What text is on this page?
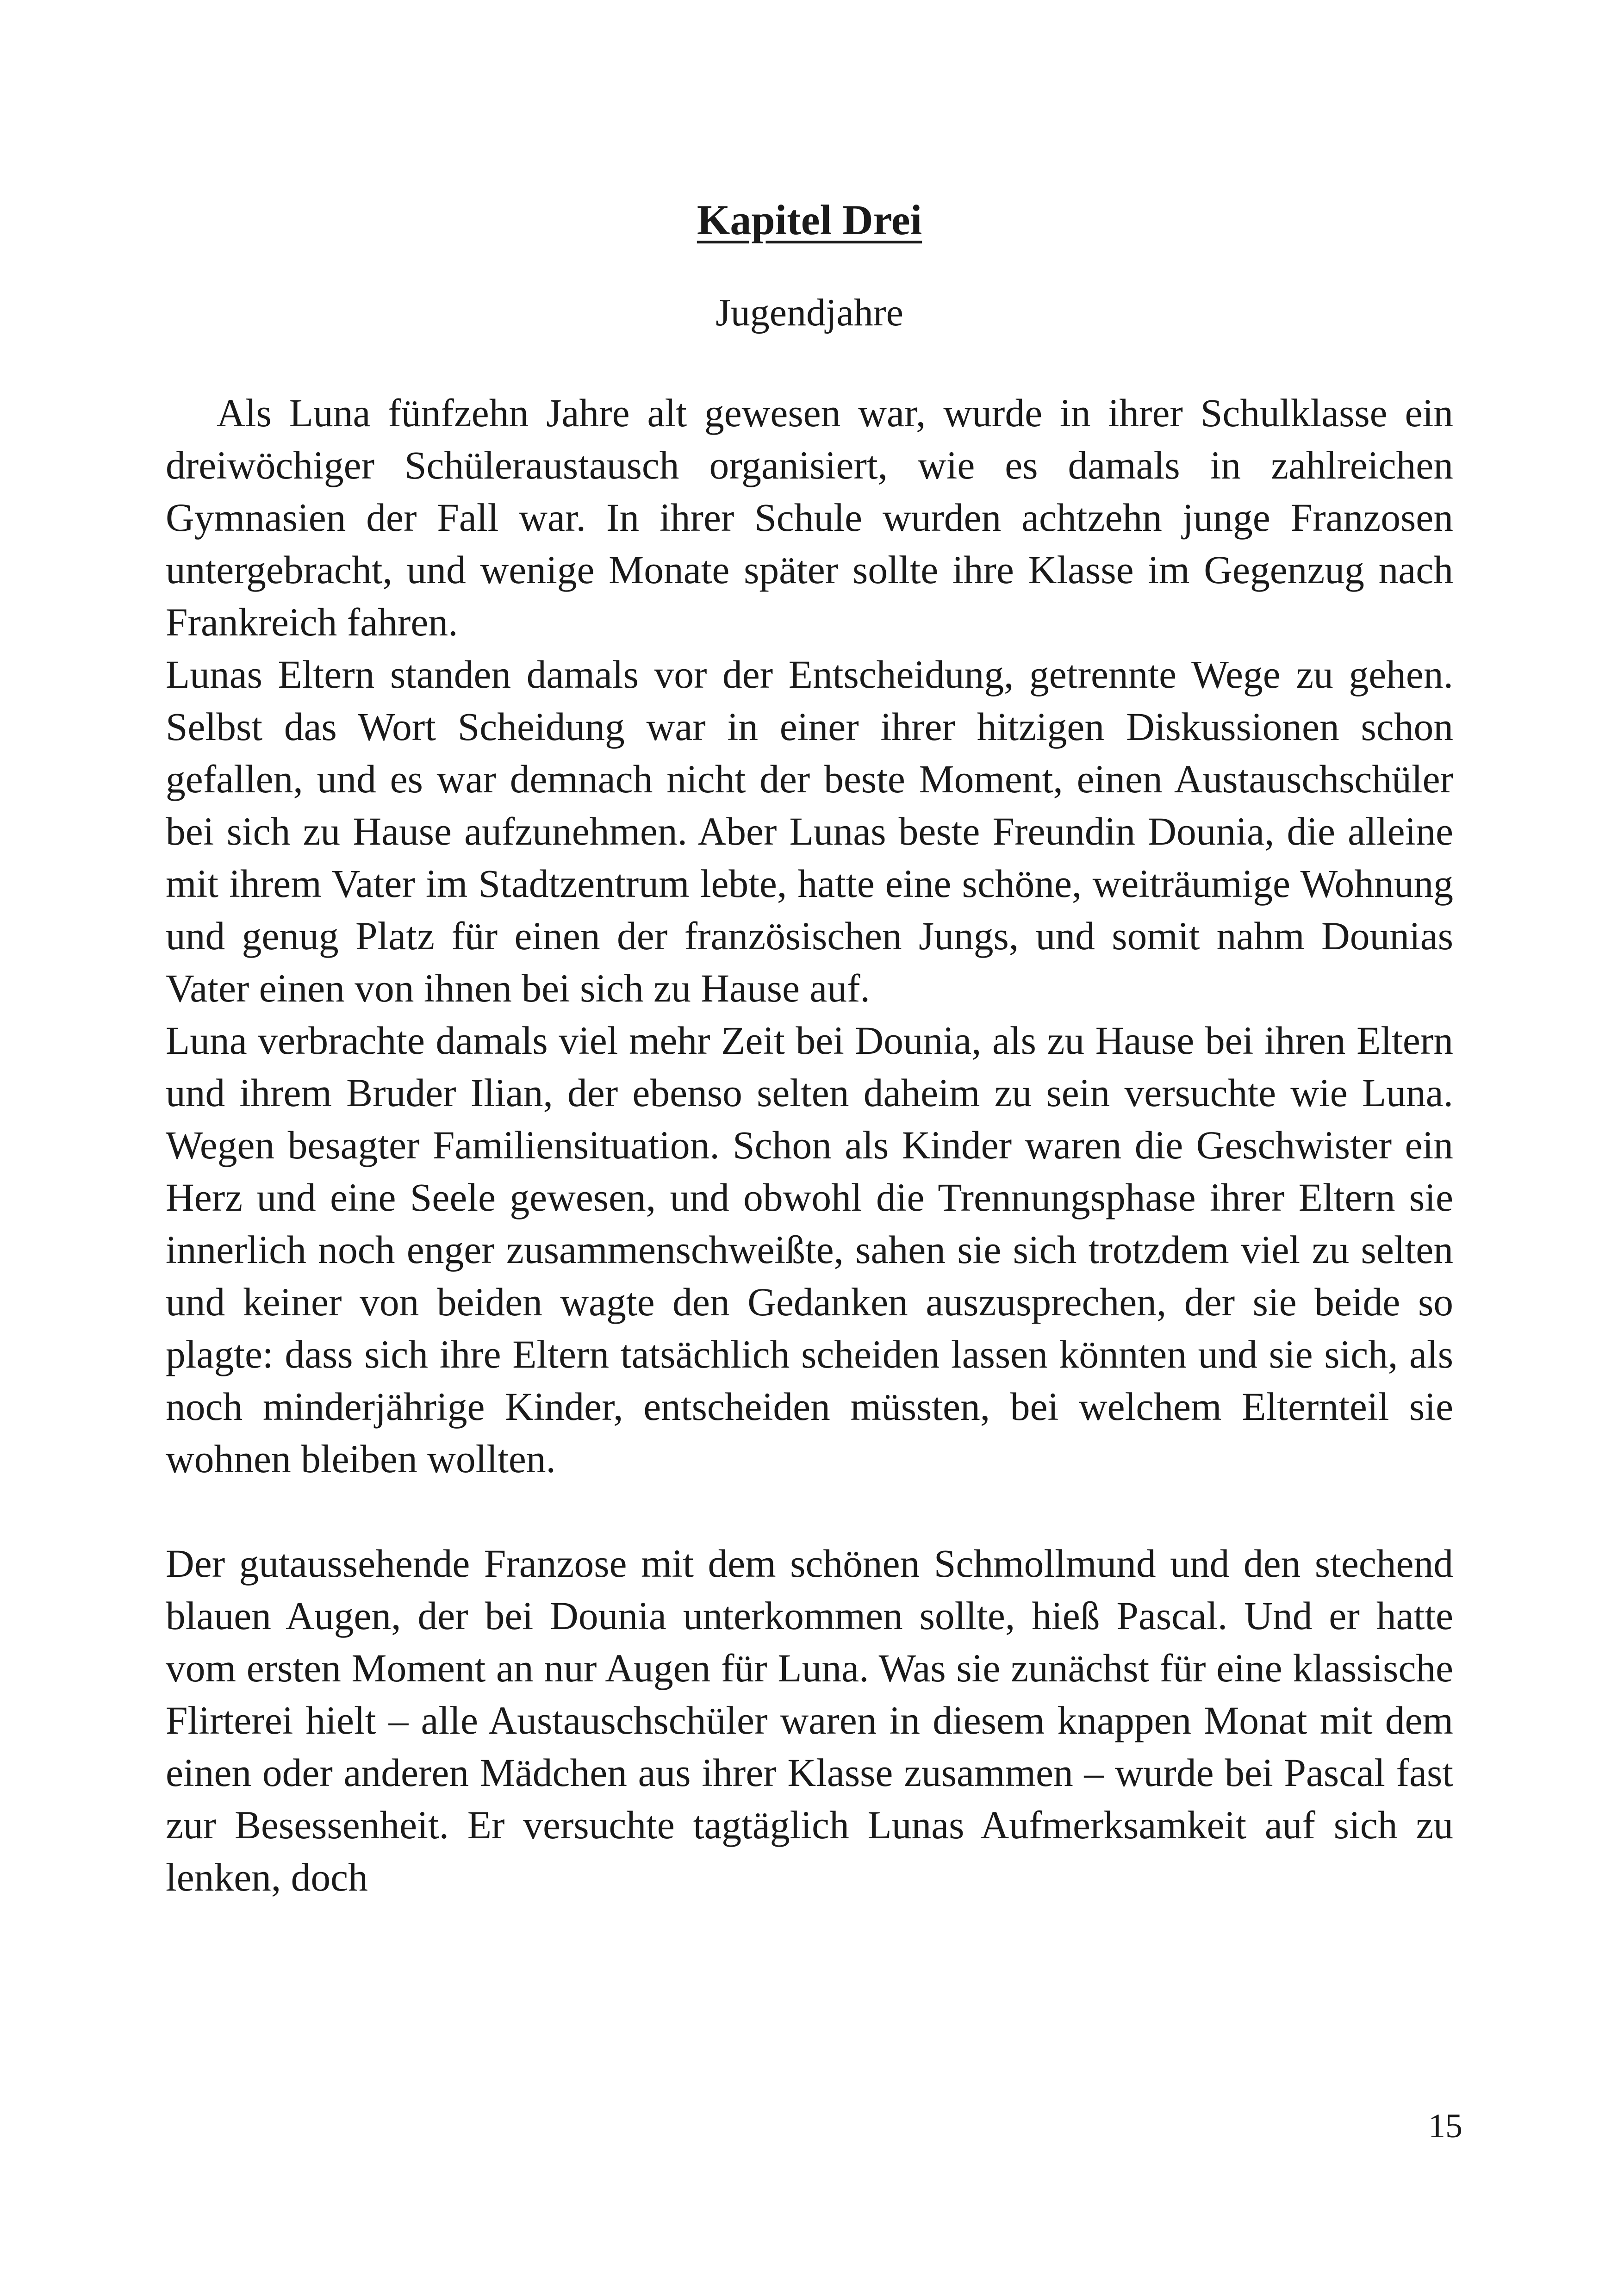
Kapitel Drei
Jugendjahre

Als Luna fünfzehn Jahre alt gewesen war, wurde in ihrer Schulklasse ein dreiwöchiger Schüleraustausch organisiert, wie es damals in zahlreichen Gymnasien der Fall war. In ihrer Schule wurden achtzehn junge Franzosen untergebracht, und wenige Monate später sollte ihre Klasse im Gegenzug nach Frankreich fahren.

Lunas Eltern standen damals vor der Entscheidung, getrennte Wege zu gehen. Selbst das Wort Scheidung war in einer ihrer hitzigen Diskussionen schon gefallen, und es war demnach nicht der beste Moment, einen Austauschschüler bei sich zu Hause aufzunehmen. Aber Lunas beste Freundin Dounia, die alleine mit ihrem Vater im Stadtzentrum lebte, hatte eine schöne, weiträumige Wohnung und genug Platz für einen der französischen Jungs, und somit nahm Dounias Vater einen von ihnen bei sich zu Hause auf.

Luna verbrachte damals viel mehr Zeit bei Dounia, als zu Hause bei ihren Eltern und ihrem Bruder Ilian, der ebenso selten daheim zu sein versuchte wie Luna. Wegen besagter Familiensituation. Schon als Kinder waren die Geschwister ein Herz und eine Seele gewesen, und obwohl die Trennungsphase ihrer Eltern sie innerlich noch enger zusammenschweißte, sahen sie sich trotzdem viel zu selten und keiner von beiden wagte den Gedanken auszusprechen, der sie beide so plagte: dass sich ihre Eltern tatsächlich scheiden lassen könnten und sie sich, als noch minderjährige Kinder, entscheiden müssten, bei welchem Elternteil sie wohnen bleiben wollten.

Der gutaussehende Franzose mit dem schönen Schmollmund und den stechend blauen Augen, der bei Dounia unterkommen sollte, hieß Pascal. Und er hatte vom ersten Moment an nur Augen für Luna. Was sie zunächst für eine klassische Flirterei hielt – alle Austauschschüler waren in diesem knappen Monat mit dem einen oder anderen Mädchen aus ihrer Klasse zusammen – wurde bei Pascal fast zur Besessenheit. Er versuchte tagtäglich Lunas Aufmerksamkeit auf sich zu lenken, doch

15
